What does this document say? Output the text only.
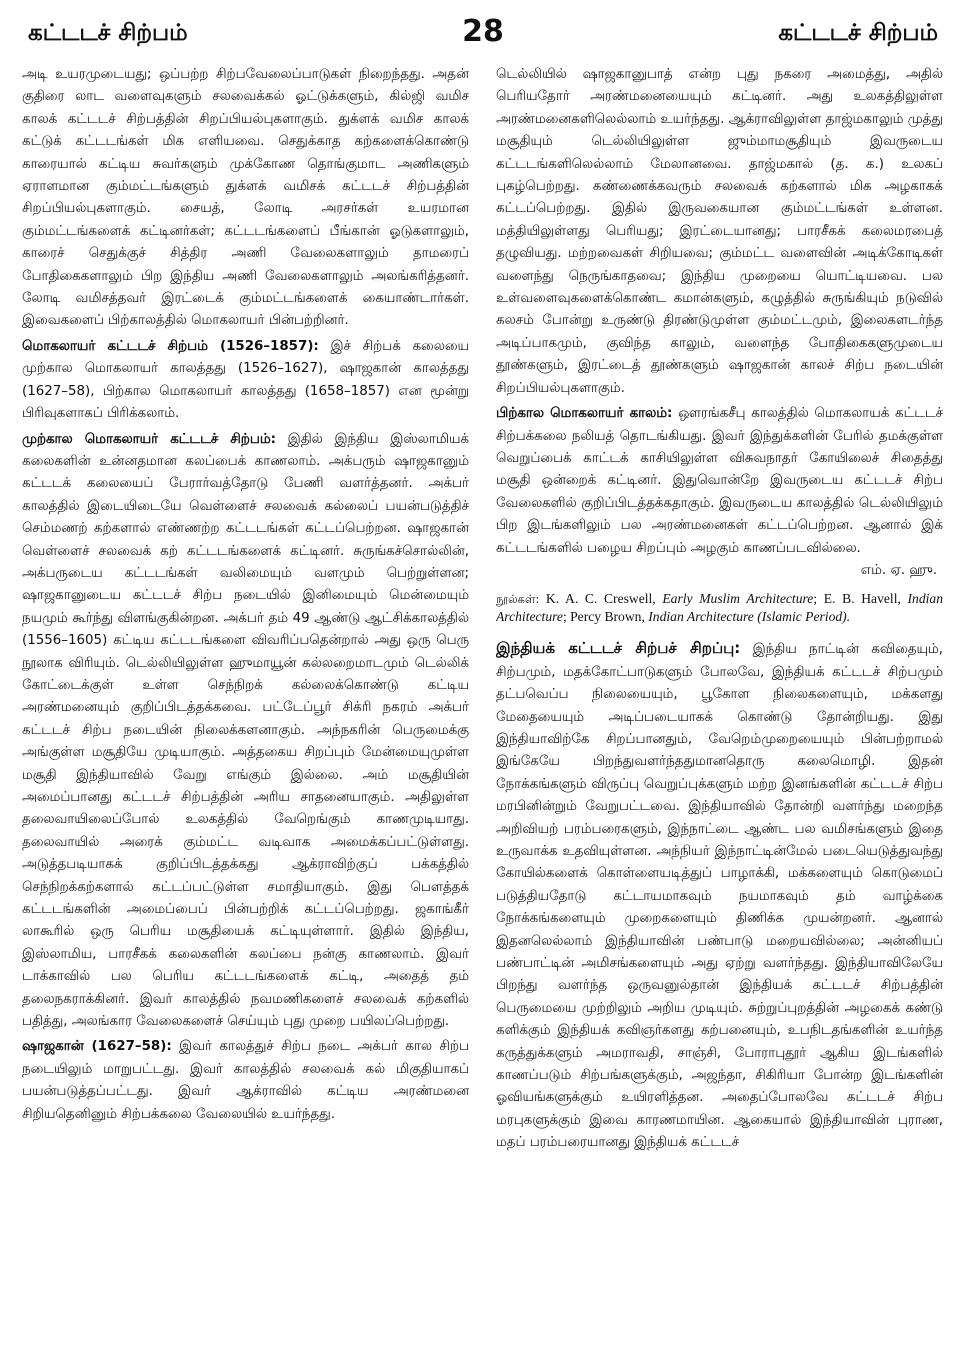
கட்டடச் சிற்பம்	28	கட்டடச் சிற்பம்

அடி உயரமுடையது; ஒப்பற்ற சிற்பவேலைப்பாடுகள் நிறைந்தது. அதன் குதிரை லாட வளைவுகளும் சலவைக்கல் ஓட்டுக்களும், கில்ஜி வமிச காலக் கட்டடச் சிற்பத்தின் சிறப்பியல்புகளாகும். துக்ளக் வமிச காலக் கட்டுக் கட்டடங்கள் மிக எளியவை. செதுக்காத கற்களைக்கொண்டு காரையால் கட்டிய சுவர்களும் முக்கோண தொங்குமாட அணிகளும் ஏராளமான கும்மட்டங்களும் துக்ளக் வமிசக் கட்டடச் சிற்பத்தின் சிறப்பியல்புகளாகும். சையத், லோடி அரசர்கள் உயரமான கும்மட்டங்களைக் கட்டினர்கள்; கட்டடங்களைப் பீங்கான் ஓடுகளாலும், காரைச் செதுக்குச் சித்திர அணி வேலைகளாலும் தாமரைப் போதிகைகளாலும் பிற இந்திய அணி வேலைகளாலும் அலங்கரித்தனர். லோடி வமிசத்தவர் இரட்டைக் கும்மட்டங்களைக் கையாண்டார்கள். இவைகளைப் பிற்காலத்தில் மொகலாயர் பின்பற்றினர்.

மொகலாயர் கட்டடச் சிற்பம் (1526–1857): இச் சிற்பக் கலையை முற்கால மொகலாயர் காலத்தது (1526–1627), ஷாஜகான் காலத்தது (1627–58), பிற்கால மொகலாயர் காலத்தது (1658–1857) என மூன்று பிரிவுகளாகப் பிரிக்கலாம்.

முற்கால மொகலாயர் கட்டடச் சிற்பம்: இதில் இந்திய இஸ்லாமியக் கலைகளின் உன்னதமான கலப்பைக் காணலாம். அக்பரும் ஷாஜகானும் கட்டடக் கலையைப் பேரார்வத்தோடு பேணி வளர்த்தனர். அக்பர் காலத்தில் இடையிடையே வெள்ளைச் சலவைக் கல்லைப் பயன்படுத்திச் செம்மணற் கற்களால் எண்ணற்ற கட்டடங்கள் கட்டப்பெற்றன. ஷாஜகான் வெள்ளைச் சலவைக் கற் கட்டடங்களைக் கட்டினர். சுருங்கச்சொல்லின், அக்பருடைய கட்டடங்கள் வலிமையும் வளமும் பெற்றுள்ளன; ஷாஜகானுடைய கட்டடச் சிற்ப நடையில் இனிமையும் மென்மையும் நயமும் கூர்ந்து விளங்குகின்றன. அக்பர் தம் 49 ஆண்டு ஆட்சிக்காலத்தில் (1556–1605) கட்டிய கட்டடங்களை விவரிப்பதென்றால் அது ஒரு பெரு நூலாக விரியும். டெல்லியிலுள்ள ஹுமாயூன் கல்லறைமாடமும் டெல்லிக் கோட்டைக்குள் உள்ள செந்நிறக் கல்லைக்கொண்டு கட்டிய அரண்மனையும் குறிப்பிடத்தக்கவை. பட்டேப்பூர் சிக்ரி நகரம் அக்பர் கட்டடச் சிற்ப நடையின் நிலைக்களனாகும். அந்நகரின் பெருமைக்கு அங்குள்ள மசூதியே முடியாகும். அத்தகைய சிறப்பும் மேன்மையுமுள்ள மசூதி இந்தியாவில் வேறு எங்கும் இல்லை. அம் மசூதியின் அமைப்பானது கட்டடச் சிற்பத்தின் அரிய சாதனையாகும். அதிலுள்ள தலைவாயிலைப்போல் உலகத்தில் வேறெங்கும் காணமுடியாது. தலைவாயில் அரைக் கும்மட்ட வடிவாக அமைக்கப்பட்டுள்ளது. அடுத்தபடியாகக் குறிப்பிடத்தக்கது ஆக்ராவிற்குப் பக்கத்தில் செந்நிறக்கற்களால் கட்டப்பட்டுள்ள சமாதியாகும். இது பௌத்தக் கட்டடங்களின் அமைப்பைப் பின்பற்றிக் கட்டப்பெற்றது. ஜகாங்கீர் லாகூரில் ஒரு பெரிய மசூதியைக் கட்டியுள்ளார். இதில் இந்திய, இஸ்லாமிய, பாரசீகக் கலைகளின் கலப்பை நன்கு காணலாம். இவர் டாக்காவில் பல பெரிய கட்டடங்களைக் கட்டி, அதைத் தம் தலைநகராக்கினர். இவர் காலத்தில் நவமணிகளைச் சலவைக் கற்களில் பதித்து, அலங்கார வேலைகளைச் செய்யும் புது முறை பயிலப்பெற்றது.

ஷாஜகான் (1627–58): இவர் காலத்துச் சிற்ப நடை அக்பர் கால சிற்ப நடையிலும் மாறுபட்டது. இவர் காலத்தில் சலவைக் கல் மிகுதியாகப் பயன்படுத்தப்பட்டது. இவர் ஆக்ராவில் கட்டிய அரண்மனை சிறியதெனினும் சிற்பக்கலை வேலையில் உயர்ந்தது.

டெல்லியில் ஷாஜகானுபாத் என்ற புது நகரை அமைத்து, அதில் பெரியதோர் அரண்மனையையும் கட்டினர். அது உலகத்திலுள்ள அரண்மனைகளிலெல்லாம் உயர்ந்தது. ஆக்ராவிலுள்ள தாஜ்மகாலும் முத்து மசூதியும் டெல்லியிலுள்ள ஜும்மாமசூதியும் இவருடைய கட்டடங்களிலெல்லாம் மேலானவை. தாஜ்மகால் (த. க.) உலகப் புகழ்பெற்றது. கண்ணைக்கவரும் சலவைக் கற்களால் மிக அழகாகக் கட்டப்பெற்றது. இதில் இருவகையான கும்மட்டங்கள் உள்ளன. மத்தியிலுள்ளது பெரியது; இரட்டையானது; பாரசீகக் கலைமரபைத் தழுவியது. மற்றவைகள் சிறியவை; கும்மட்ட வளைவின் அடிக்கோடிகள் வளைந்து நெருங்காதவை; இந்திய முறையை யொட்டியவை. பல உள்வளைவுகளைக்கொண்ட கமான்களும், கழுத்தில் சுருங்கியும் நடுவில் கலசம் போன்று உருண்டு திரண்டுமுள்ள கும்மட்டமும், இலைகளடர்ந்த அடிப்பாகமும், குவிந்த காலும், வளைந்த போதிகைகளுமுடைய தூண்களும், இரட்டைத் தூண்களும் ஷாஜகான் காலச் சிற்ப நடையின் சிறப்பியல்புகளாகும்.

பிற்கால மொகலாயர் காலம்: ஔரங்கசீபு காலத்தில் மொகலாயக் கட்டடச் சிற்பக்கலை நலியத் தொடங்கியது. இவர் இந்துக்களின் பேரில் தமக்குள்ள வெறுப்பைக் காட்டக் காசியிலுள்ள விசுவநாதர் கோயிலைச் சிதைத்து மசூதி ஒன்றைக் கட்டினர். இதுவொன்றே இவருடைய கட்டடச் சிற்ப வேலைகளில் குறிப்பிடத்தக்கதாகும். இவருடைய காலத்தில் டெல்லியிலும் பிற இடங்களிலும் பல அரண்மனைகள் கட்டப்பெற்றன. ஆனால் இக் கட்டடங்களில் பழைய சிறப்பும் அழகும் காணப்படவில்லை.

எம். ஏ. ஹு.

நூல்கள்: K. A. C. Creswell, Early Muslim Architecture; E. B. Havell, Indian Architecture; Percy Brown, Indian Architecture (Islamic Period).

இந்தியக் கட்டடச் சிற்பச் சிறப்பு: இந்திய நாட்டின் கவிதையும், சிற்பமும், மதக்கோட்பாடுகளும் போலவே, இந்தியக் கட்டடச் சிற்பமும் தட்பவெப்ப நிலையையும், பூகோள நிலைகளையும், மக்களது மேதையையும் அடிப்படையாகக் கொண்டு தோன்றியது. இது இந்தியாவிற்கே சிறப்பானதும், வேறெம்முறையையும் பின்பற்றாமல் இங்கேயே பிறந்துவளர்ந்ததுமானதொரு கலைமொழி. இதன் நோக்கங்களும் விருப்பு வெறுப்புக்களும் மற்ற இனங்களின் கட்டடச் சிற்ப மரபினின்றும் வேறுபட்டவை. இந்தியாவில் தோன்றி வளர்ந்து மறைந்த அறிவியற் பரம்பரைகளும், இந்நாட்டை ஆண்ட பல வமிசங்களும் இதை உருவாக்க உதவியுள்ளன. அந்நியர் இந்நாட்டின்மேல் படையெடுத்துவந்து கோயில்களைக் கொள்ளையடித்துப் பாழாக்கி, மக்களையும் கொடுமைப் படுத்தியதோடு கட்டாயமாகவும் நயமாகவும் தம் வாழ்க்கை நோக்கங்களையும் முறைகளையும் திணிக்க முயன்றனர். ஆனால் இதனலெல்லாம் இந்தியாவின் பண்பாடு மறையவில்லை; அன்னியப் பண்பாட்டின் அமிசங்களையும் அது ஏற்று வளர்ந்தது. இந்தியாவிலேயே பிறந்து வளர்ந்த ஒருவனுல்தான் இந்தியக் கட்டடச் சிற்பத்தின் பெருமையை முற்றிலும் அறிய முடியும். சுற்றுப்புறத்தின் அழகைக் கண்டு களிக்கும் இந்தியக் கவிஞர்களது கற்பனையும், உபநிடதங்களின் உயர்ந்த கருத்துக்களும் அமராவதி, சாஞ்சி, போராபுதூர் ஆகிய இடங்களில் காணப்படும் சிற்பங்களுக்கும், அஜந்தா, சிகிரியா போன்ற இடங்களின் ஓவியங்களுக்கும் உயிரளித்தன. அதைப்போலவே கட்டடச் சிற்ப மரபுகளுக்கும் இவை காரணமாயின. ஆகையால் இந்தியாவின் புராண, மதப் பரம்பரையானது இந்தியக் கட்டடச்
